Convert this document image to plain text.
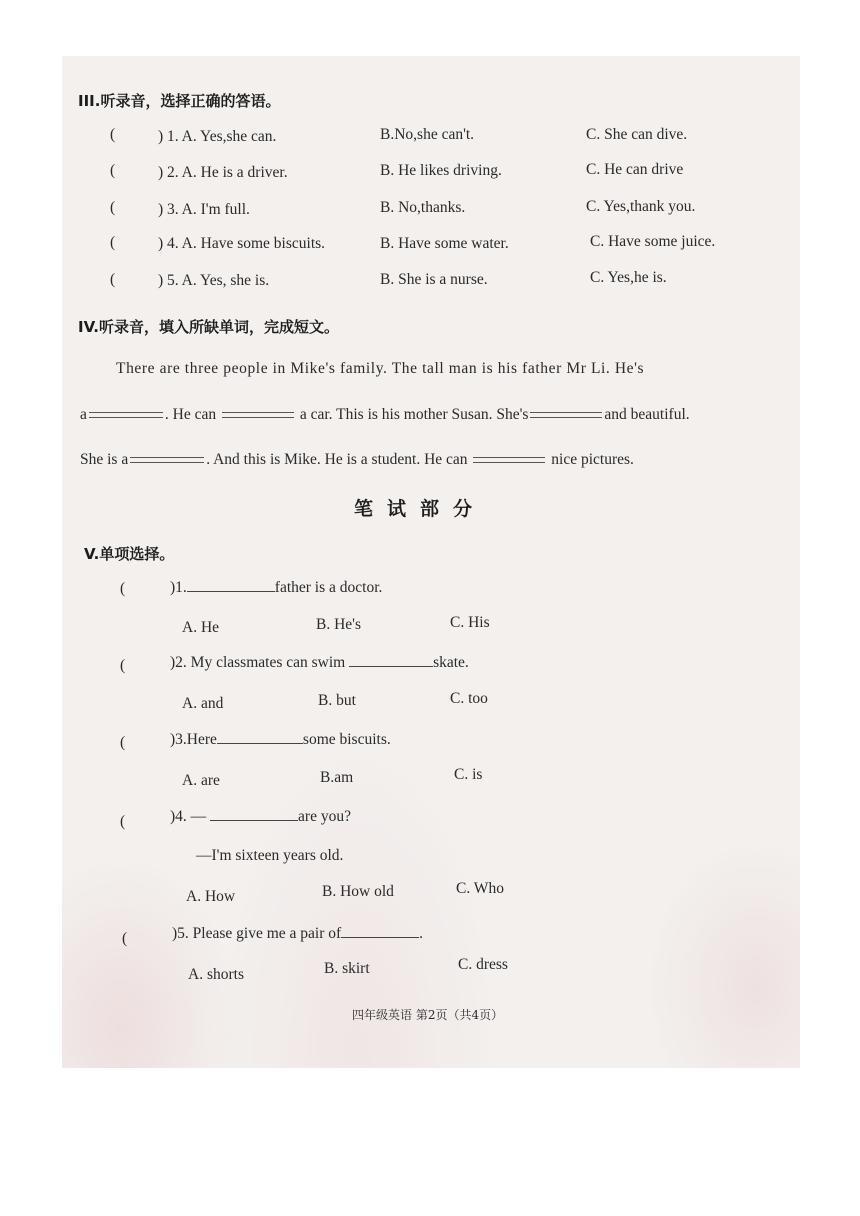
III.听录音，选择正确的答语。
(	) 1. A. Yes,she can.	B.No,she can't.	C. She can dive.
(	) 2. A. He is a driver.	B. He likes driving.	C. He can drive
(	) 3. A. I'm full.	B. No,thanks.	C. Yes,thank you.
(	) 4. A. Have some biscuits.	B. Have some water.	C. Have some juice.
(	) 5. A. Yes, she is.	B. She is a nurse.	C. Yes,he is.
IV.听录音，填入所缺单词，完成短文。
There are three people in Mike's family. The tall man is his father Mr Li. He's
a	. He can	a car. This is his mother Susan. She's	and beautiful.
She is a	. And this is Mike. He is a student. He can	nice pictures.
笔试部分
V.单项选择。
(	)1.	father is a doctor.
A. He	B. He's	C. His
(	)2. My classmates can swim	skate.
A. and	B. but	C. too
(	)3.Here	some biscuits.
A. are	B.am	C. is
(	)4. —	are you?
—I'm sixteen years old.
A. How	B. How old	C. Who
(	)5. Please give me a pair of	.
A. shorts	B. skirt	C. dress
四年级英语 第2页（共4页）
